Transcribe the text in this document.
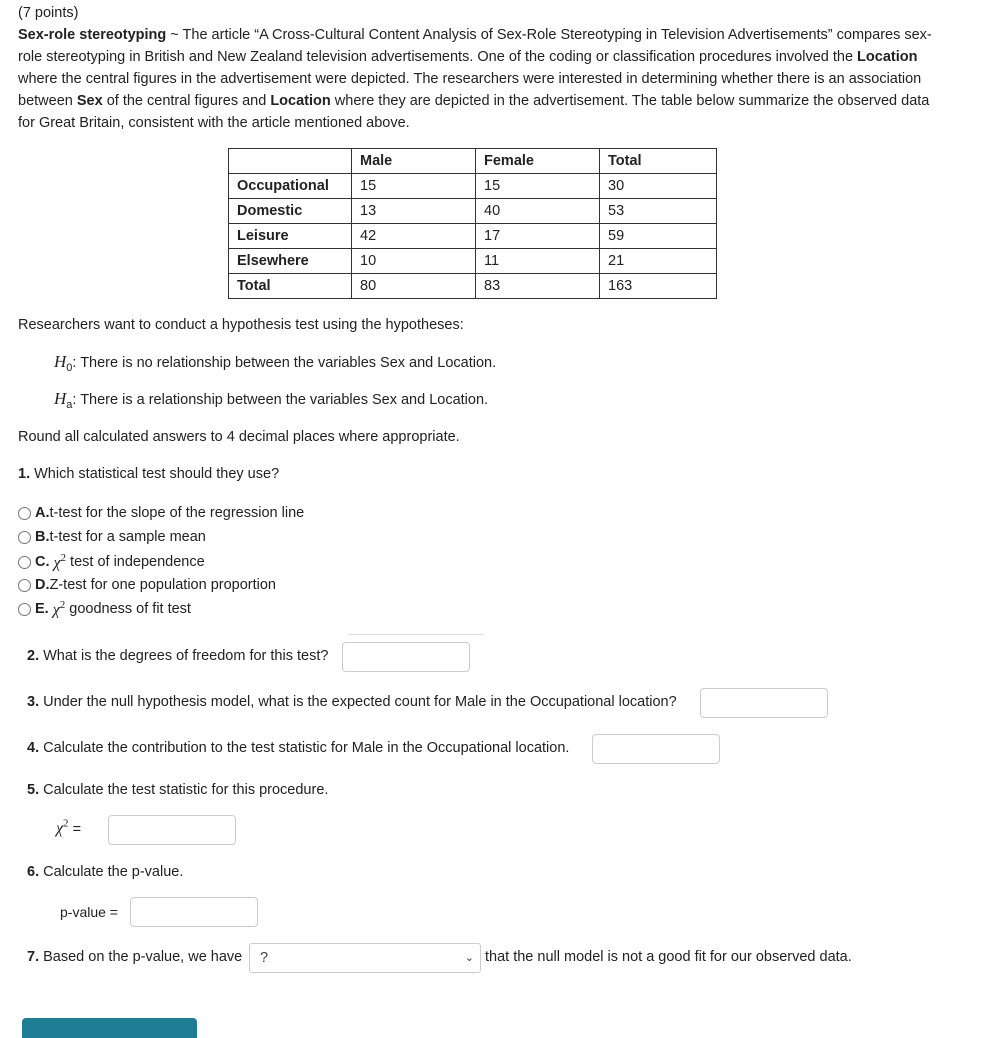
(7 points)
Sex-role stereotyping ~ The article “A Cross-Cultural Content Analysis of Sex-Role Stereotyping in Television Advertisements” compares sex-role stereotyping in British and New Zealand television advertisements. One of the coding or classification procedures involved the Location where the central figures in the advertisement were depicted. The researchers were interested in determining whether there is an association between Sex of the central figures and Location where they are depicted in the advertisement. The table below summarize the observed data for Great Britain, consistent with the article mentioned above.
	Male	Female	Total
Occupational	15	15	30
Domestic	13	40	53
Leisure	42	17	59
Elsewhere	10	11	21
Total	80	83	163
Researchers want to conduct a hypothesis test using the hypotheses:
$H_0$: There is no relationship between the variables Sex and Location.
$H_a$: There is a relationship between the variables Sex and Location.
Round all calculated answers to 4 decimal places where appropriate.
1. Which statistical test should they use?
A. t-test for the slope of the regression line
B. t-test for a sample mean
C. $\chi^2$ test of independence
D. Z-test for one population proportion
E. $\chi^2$ goodness of fit test
2. What is the degrees of freedom for this test?
3. Under the null hypothesis model, what is the expected count for Male in the Occupational location?
4. Calculate the contribution to the test statistic for Male in the Occupational location.
5. Calculate the test statistic for this procedure.
$\chi^2$ =
6. Calculate the p-value.
p-value =
7. Based on the p-value, we have ?	⌄ that the null model is not a good fit for our observed data.
